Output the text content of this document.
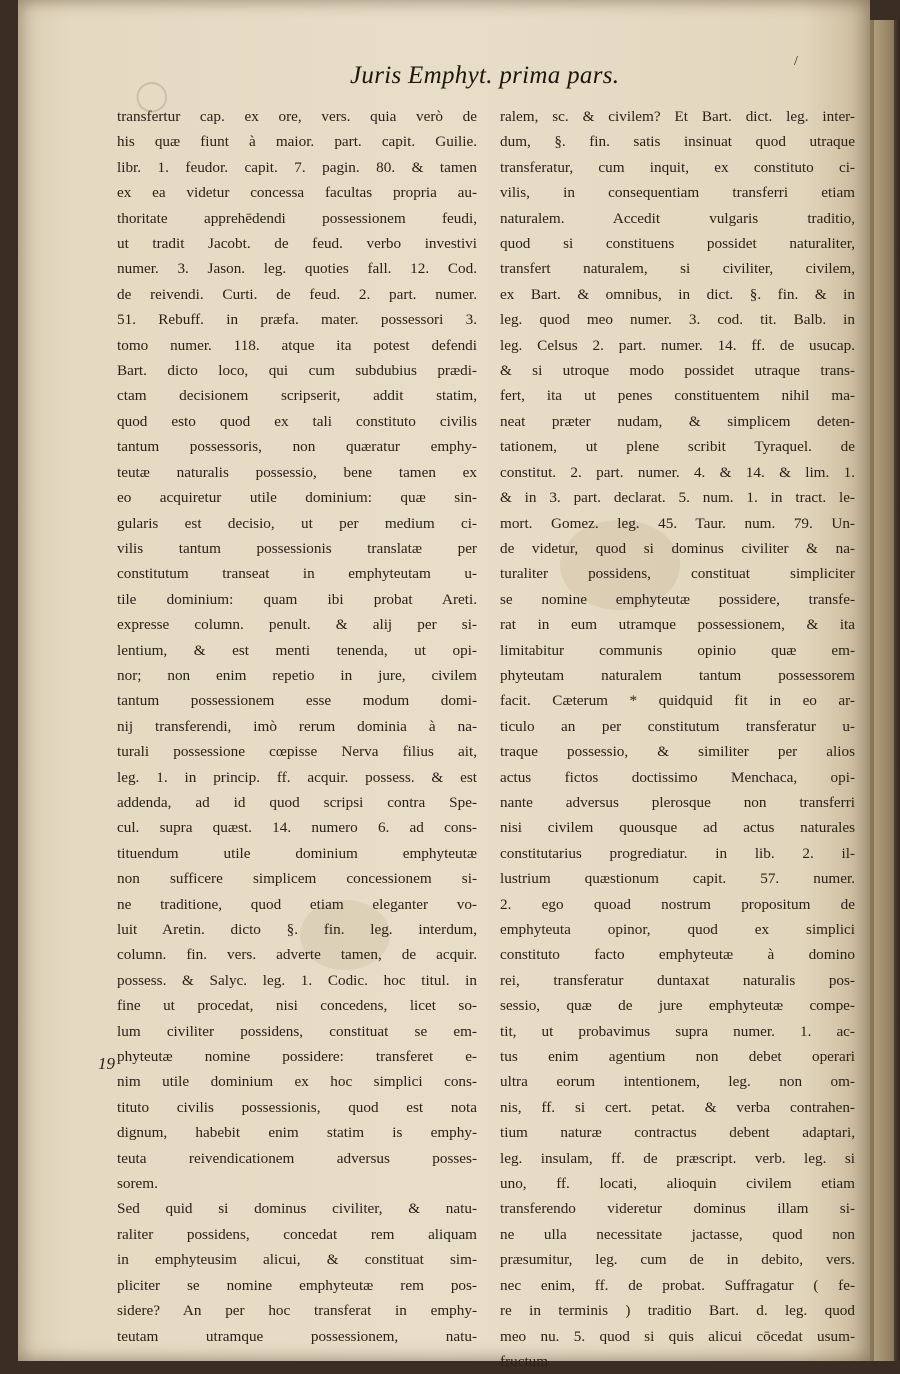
◯
/
Juris Emphyt. prima pars.
transfertur cap. ex ore, vers. quia verò de
his quæ fiunt à maior. part. capit. Guilie.
libr. 1. feudor. capit. 7. pagin. 80. & tamen
ex ea videtur concessa facultas propria au-
thoritate apprehēdendi possessionem feudi,
ut tradit Jacobt. de feud. verbo investivi
numer. 3. Jason. leg. quoties fall. 12. Cod.
de reivendi. Curti. de feud. 2. part. numer.
51. Rebuff. in præfa. mater. possessori 3.
tomo numer. 118. atque ita potest defendi
Bart. dicto loco, qui cum subdubius prædi-
ctam decisionem scripserit, addit statim,
quod esto quod ex tali constituto civilis
tantum possessoris, non quæratur emphy-
teutæ naturalis possessio, bene tamen ex
eo acquiretur utile dominium: quæ sin-
gularis est decisio, ut per medium ci-
vilis tantum possessionis translatæ per
constitutum transeat in emphyteutam u-
tile dominium: quam ibi probat Areti.
expresse column. penult. & alij per si-
lentium, & est menti tenenda, ut opi-
nor; non enim repetio in jure, civilem
tantum possessionem esse modum domi-
nij transferendi, imò rerum dominia à na-
turali possessione cœpisse Nerva filius ait,
leg. 1. in princip. ff. acquir. possess. & est
addenda, ad id quod scripsi contra Spe-
cul. supra quæst. 14. numero 6. ad cons-
tituendum utile dominium emphyteutæ
non sufficere simplicem concessionem si-
ne traditione, quod etiam eleganter vo-
luit Aretin. dicto §. fin. leg. interdum,
column. fin. vers. adverte tamen, de acquir.
possess. & Salyc. leg. 1. Codic. hoc titul. in
fine ut procedat, nisi concedens, licet so-
lum civiliter possidens, constituat se em-
phyteutæ nomine possidere: transferet e-
nim utile dominium ex hoc simplici cons-
tituto civilis possessionis, quod est nota
dignum, habebit enim statim is emphy-
teuta reivendicationem adversus posses-
sorem.
Sed quid si dominus civiliter, & natu-
raliter possidens, concedat rem aliquam
in emphyteusim alicui, & constituat sim-
pliciter se nomine emphyteutæ rem pos-
sidere? An per hoc transferat in emphy-
teutam utramque possessionem, natu-
ralem, sc. & civilem? Et Bart. dict. leg. inter-
dum, §. fin. satis insinuat quod utraque
transferatur, cum inquit, ex constituto ci-
vilis, in consequentiam transferri etiam
naturalem. Accedit vulgaris traditio,
quod si constituens possidet naturaliter,
transfert naturalem, si civiliter, civilem,
ex Bart. & omnibus, in dict. §. fin. & in
leg. quod meo numer. 3. cod. tit. Balb. in
leg. Celsus 2. part. numer. 14. ff. de usucap.
& si utroque modo possidet utraque trans-
fert, ita ut penes constituentem nihil ma-
neat præter nudam, & simplicem deten-
tationem, ut plene scribit Tyraquel. de
constitut. 2. part. numer. 4. & 14. & lim. 1.
& in 3. part. declarat. 5. num. 1. in tract. le-
mort. Gomez. leg. 45. Taur. num. 79. Un-
de videtur, quod si dominus civiliter & na-
turaliter possidens, constituat simpliciter
se nomine emphyteutæ possidere, transfe-
rat in eum utramque possessionem, & ita
limitabitur communis opinio quæ em-
phyteutam naturalem tantum possessorem
facit. Cæterum * quidquid fit in eo ar-
ticulo an per constitutum transferatur u-
traque possessio, & similiter per alios
actus fictos doctissimo Menchaca, opi-
nante adversus plerosque non transferri
nisi civilem quousque ad actus naturales
constitutarius progrediatur. in lib. 2. il-
lustrium quæstionum capit. 57. numer.
2. ego quoad nostrum propositum de
emphyteuta opinor, quod ex simplici
constituto facto emphyteutæ à domino
rei, transferatur duntaxat naturalis pos-
sessio, quæ de jure emphyteutæ compe-
tit, ut probavimus supra numer. 1. ac-
tus enim agentium non debet operari
ultra eorum intentionem, leg. non om-
nis, ff. si cert. petat. & verba contrahen-
tium naturæ contractus debent adaptari,
leg. insulam, ff. de præscript. verb. leg. si
uno, ff. locati, alioquin civilem etiam
transferendo videretur dominus illam si-
ne ulla necessitate jactasse, quod non
præsumitur, leg. cum de in debito, vers.
nec enim, ff. de probat. Suffragatur ( fe-
re in terminis ) traditio Bart. d. leg. quod
meo nu. 5. quod si quis alicui cōcedat usum-
fructum
19
